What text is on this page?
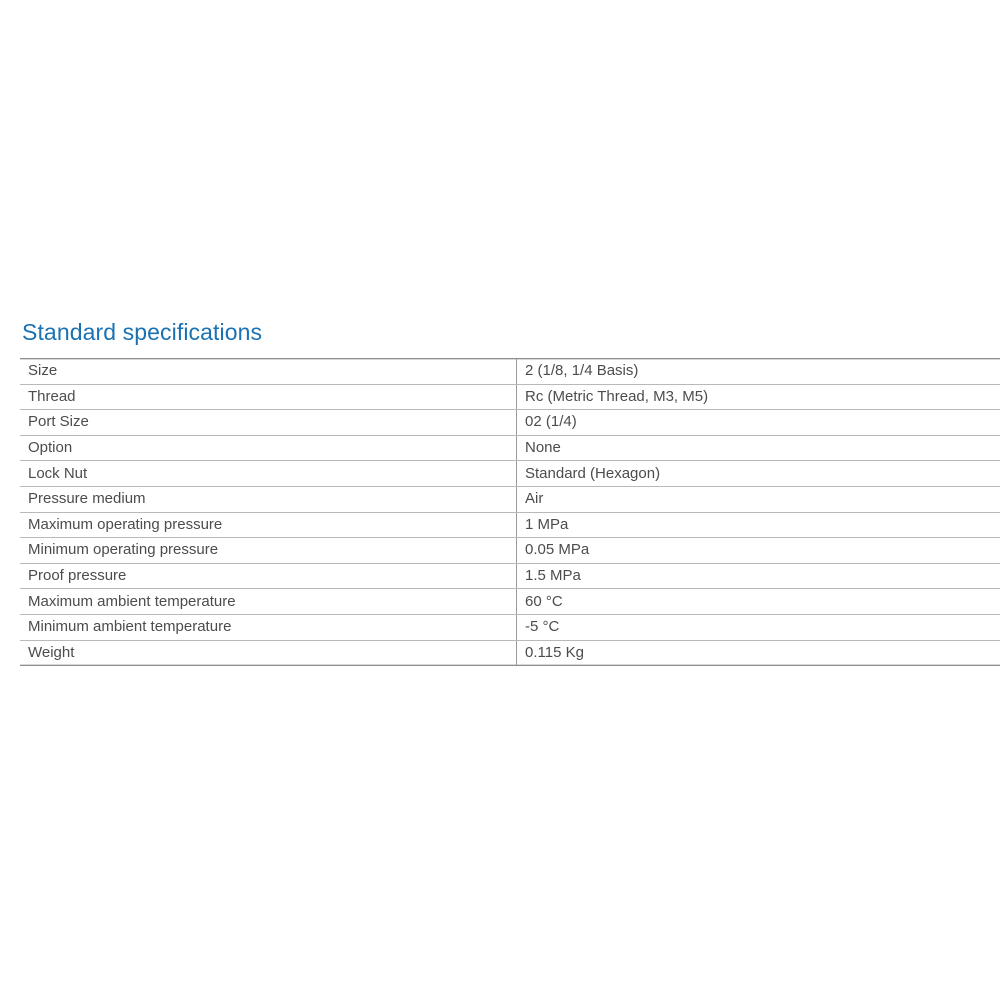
Standard specifications
Size	2 (1/8, 1/4 Basis)
Thread	Rc (Metric Thread, M3, M5)
Port Size	02 (1/4)
Option	None
Lock Nut	Standard (Hexagon)
Pressure medium	Air
Maximum operating pressure	1 MPa
Minimum operating pressure	0.05 MPa
Proof pressure	1.5 MPa
Maximum ambient temperature	60 °C
Minimum ambient temperature	-5 °C
Weight	0.115 Kg
